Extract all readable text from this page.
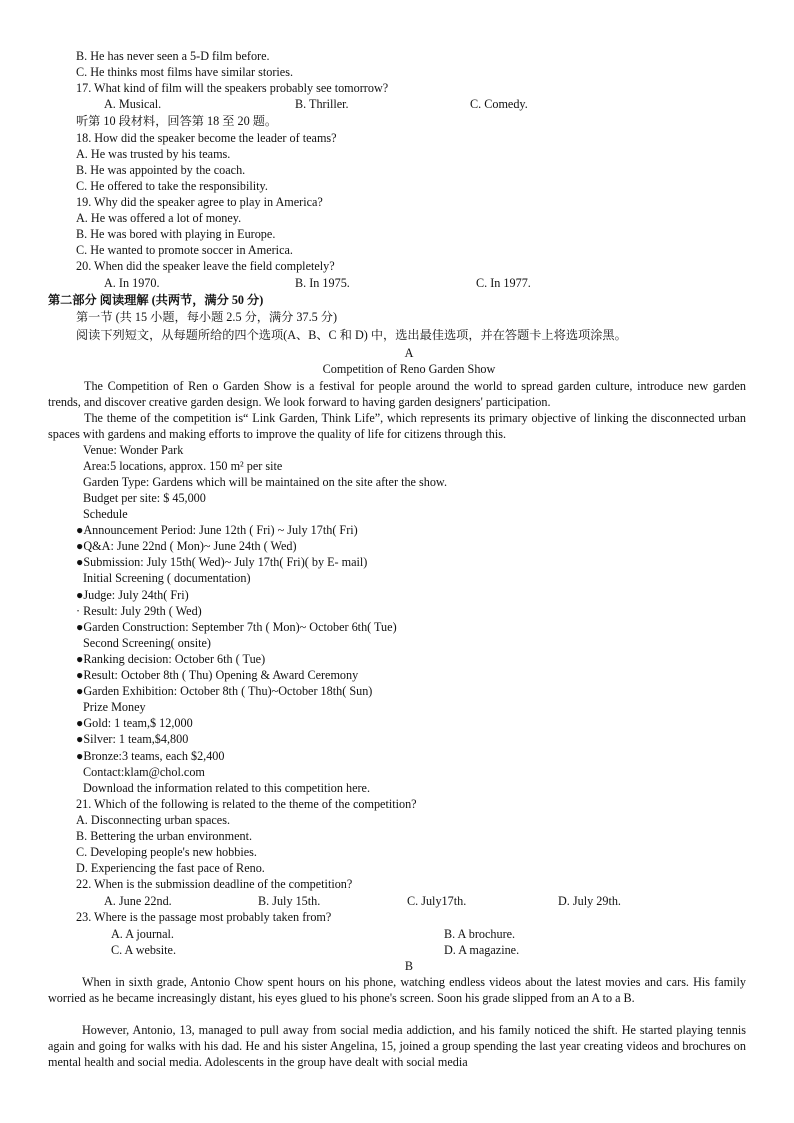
B. He has never seen a 5-D film before.
C. He thinks most films have similar stories.
17. What kind of film will the speakers probably see tomorrow?
A. Musical.	B. Thriller.	C. Comedy.
听第 10 段材料，回答第 18 至 20 题。
18. How did the speaker become the leader of teams?
A. He was trusted by his teams.
B. He was appointed by the coach.
C. He offered to take the responsibility.
19. Why did the speaker agree to play in America?
A. He was offered a lot of money.
B. He was bored with playing in Europe.
C. He wanted to promote soccer in America.
20. When did the speaker leave the field completely?
A. In 1970.	B. In 1975.	C. In 1977.
第二部分 阅读理解 (共两节，满分 50 分)
第一节 (共 15 小题，每小题 2.5 分，满分 37.5 分)
阅读下列短文，从每题所给的四个选项(A、B、C 和 D) 中，选出最佳选项，并在答题卡上将选项涂黑。
A
Competition of Reno Garden Show
The Competition of Ren o Garden Show is a festival for people around the world to spread garden culture, introduce new garden trends, and discover creative garden design. We look forward to having garden designers' participation.
The theme of the competition is“ Link Garden, Think Life”, which represents its primary objective of linking the disconnected urban spaces with gardens and making efforts to improve the quality of life for citizens through this.
Venue: Wonder Park
Area:5 locations, approx. 150 m² per site
Garden Type: Gardens which will be maintained on the site after the show.
Budget per site: $ 45,000
Schedule
●Announcement Period: June 12th ( Fri) ~ July 17th( Fri)
●Q&A: June 22nd ( Mon)~ June 24th ( Wed)
●Submission: July 15th( Wed)~ July 17th( Fri)( by E- mail)
Initial Screening ( documentation)
●Judge: July 24th( Fri)
· Result: July 29th ( Wed)
●Garden Construction: September 7th ( Mon)~ October 6th( Tue)
Second Screening( onsite)
●Ranking decision: October 6th ( Tue)
●Result: October 8th ( Thu) Opening & Award Ceremony
●Garden Exhibition: October 8th ( Thu)~October 18th( Sun)
Prize Money
●Gold: 1 team,$ 12,000
●Silver: 1 team,$4,800
●Bronze:3 teams, each $2,400
Contact:klam@chol.com
Download the information related to this competition here.
21. Which of the following is related to the theme of the competition?
A. Disconnecting urban spaces.
B. Bettering the urban environment.
C. Developing people's new hobbies.
D. Experiencing the fast pace of Reno.
22. When is the submission deadline of the competition?
A. June 22nd.	B. July 15th.	C. July17th.	D. July 29th.
23. Where is the passage most probably taken from?
A. A journal.	B. A brochure.
C. A website.	D. A magazine.
B
When in sixth grade, Antonio Chow spent hours on his phone, watching endless videos about the latest movies and cars. His family worried as he became increasingly distant, his eyes glued to his phone's screen. Soon his grade slipped from an A to a B.
However, Antonio, 13, managed to pull away from social media addiction, and his family noticed the shift. He started playing tennis again and going for walks with his dad. He and his sister Angelina, 15, joined a group spending the last year creating videos and brochures on mental health and social media. Adolescents in the group have dealt with social media
